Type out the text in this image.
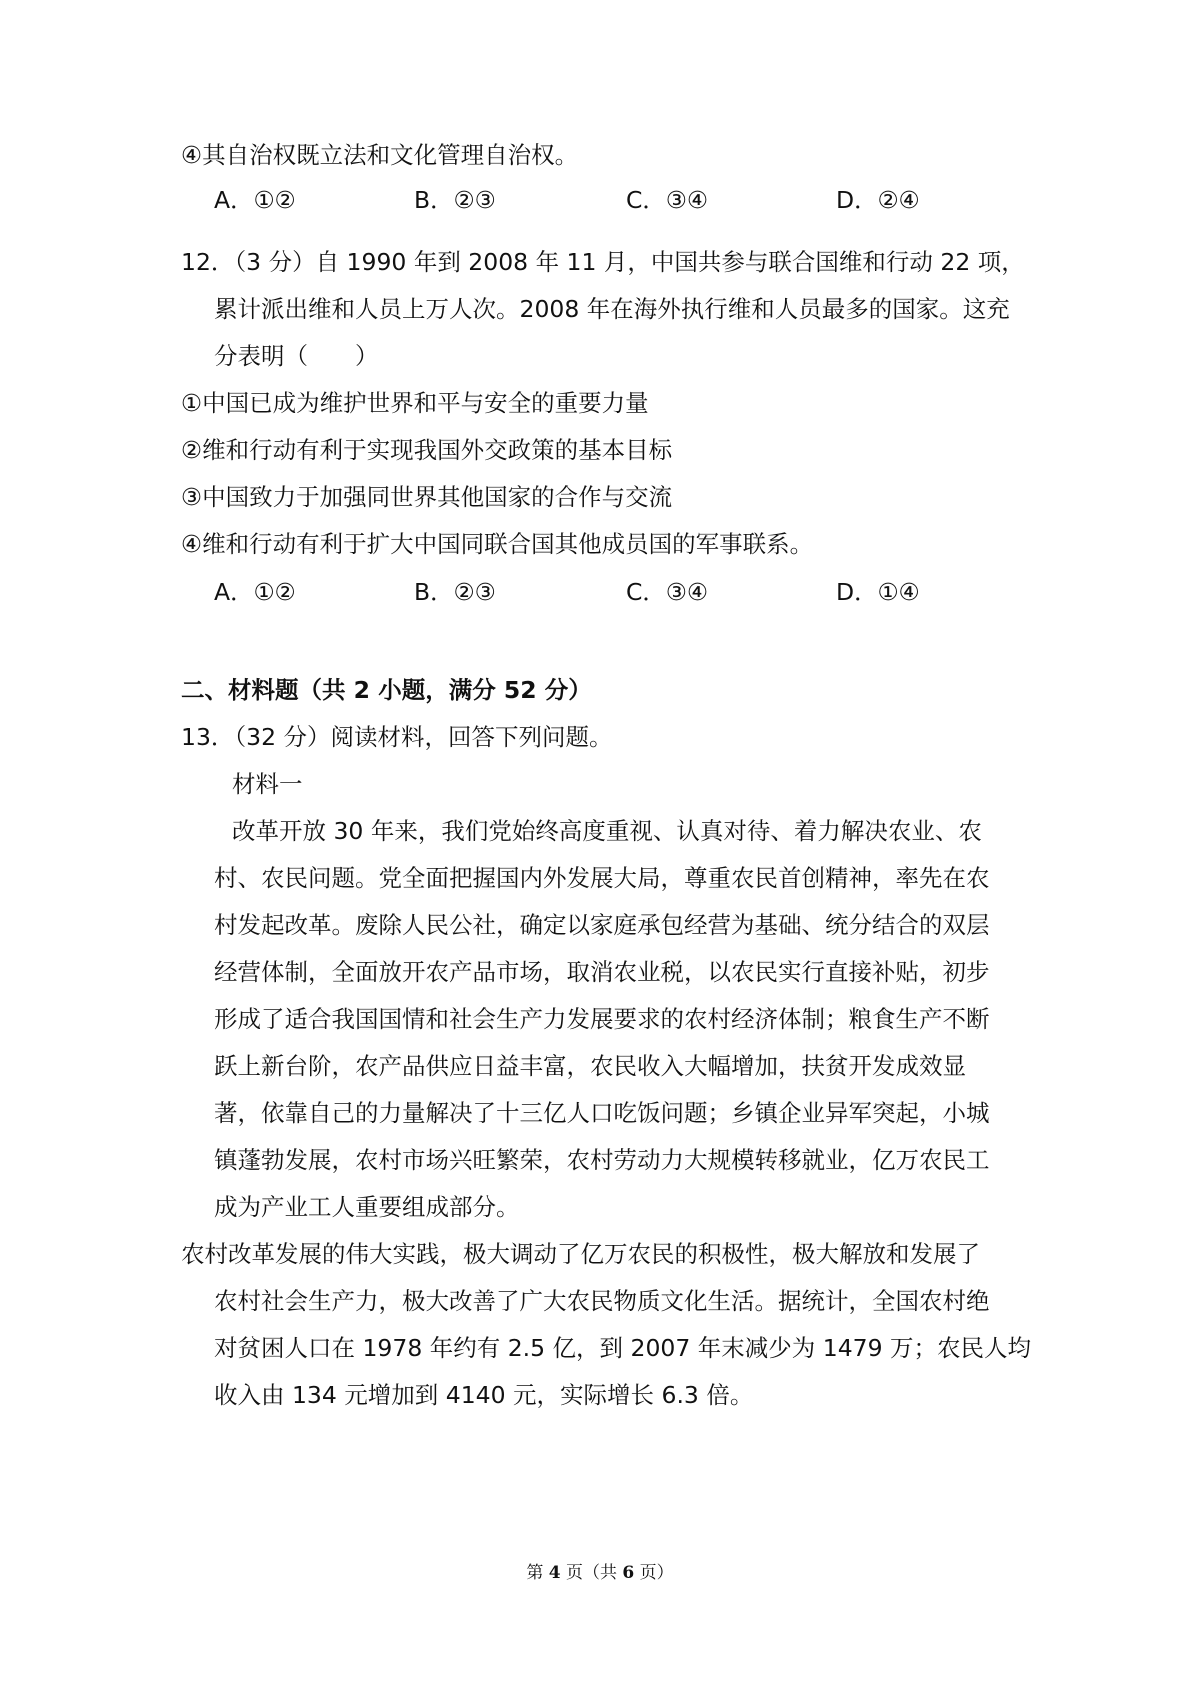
④其自治权既立法和文化管理自治权。
A．①②	B．②③	C．③④	D．②④
12．（3 分）自 1990 年到 2008 年 11 月，中国共参与联合国维和行动 22 项，
累计派出维和人员上万人次。2008 年在海外执行维和人员最多的国家。这充
分表明（　　）
①中国已成为维护世界和平与安全的重要力量
②维和行动有利于实现我国外交政策的基本目标
③中国致力于加强同世界其他国家的合作与交流
④维和行动有利于扩大中国同联合国其他成员国的军事联系。
A．①②	B．②③	C．③④	D．①④
二、材料题（共 2 小题，满分 52 分）
13．（32 分）阅读材料，回答下列问题。
材料一
改革开放 30 年来，我们党始终高度重视、认真对待、着力解决农业、农
村、农民问题。党全面把握国内外发展大局，尊重农民首创精神，率先在农
村发起改革。废除人民公社，确定以家庭承包经营为基础、统分结合的双层
经营体制，全面放开农产品市场，取消农业税，以农民实行直接补贴，初步
形成了适合我国国情和社会生产力发展要求的农村经济体制；粮食生产不断
跃上新台阶，农产品供应日益丰富，农民收入大幅增加，扶贫开发成效显
著，依靠自己的力量解决了十三亿人口吃饭问题；乡镇企业异军突起，小城
镇蓬勃发展，农村市场兴旺繁荣，农村劳动力大规模转移就业，亿万农民工
成为产业工人重要组成部分。
农村改革发展的伟大实践，极大调动了亿万农民的积极性，极大解放和发展了
农村社会生产力，极大改善了广大农民物质文化生活。据统计，全国农村绝
对贫困人口在 1978 年约有 2.5 亿，到 2007 年末减少为 1479 万；农民人均
收入由 134 元增加到 4140 元，实际增长 6.3 倍。
第 4 页（共 6 页）
